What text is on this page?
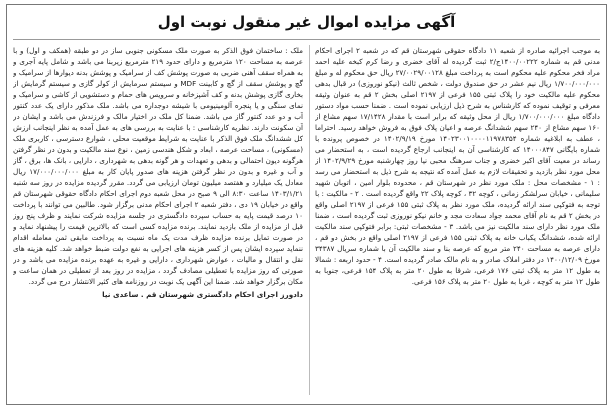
آگهی مزایده اموال غیر منقول نوبت اول
به موجب اجرائیه صادره از شعبه ۱۱ دادگاه حقوقی شهرستان قم که در شعبه ۲ اجرای احکام مدنی قم به شماره ۱۴۰۰/۰۰۲۲۲ج/۲ ثبت گردیده له آقای خضری و رضا کرم کبخه علیه احمد مراد فخر محکوم علیه محکوم است به پرداخت مبلغ ۲۷/۰۰۲۹/۰۰۱۲۸ ریال حق محکوم له و مبلغ ۱/۷۰۰/۰۰۰/۰۰۰ ریال نیم عشر در حق صندوق دولت ، شخص ثالث (نیکو نوروزی) در قبال بدهی محکوم علیه مالکیت خود را پلاک ثبتی ۱۵۵ فرعی از ۲۱۹۷ اصلی بخش ۲ قم به عنوان وثیقه معرفی و توقیف نموده که کارشناس به شرح ذیل ارزیابی نموده است . ضمنا حسب مواد دستور دادگاه مبلغ ۱/۷۰۰/۰۰۰/۰۰۰ ریال از محل وثیقه که برابر است با مقدار ۱۷/۱۴۲۸ سهم مشاع از ۱۶۰ سهم مشاع از ۲۴۰ سهم ششدانگ عرصه و اعیان پلاک فوق به فروش خواهد رسید. احتراما ، عطف به ابلاغیه شماره ۱۴۰۲۳۰۰۱۰۰۰۰۱۱۹۷۸۳۵۴ مورخ ۱۴۰۲/۹/۱۹ در خصوص پرونده با شماره بایگانی ۱۴۰۰۰۸۴۷ که کارشناسی آن به اینجانب ارجاع گردیده است ، به استحضار می رساند در معیت آقای اکبر خضری و جناب سرهنگ محبی نیا روز چهارشنبه مورخ ۱۴۰۲/۹/۲۹ از محل مورد نظر بازدید و تحقیقات لازم به عمل آمده که نتیجه به شرح ذیل به استحضار می رسد : ۱ - مشخصات محل : ملک مورد نظر در شهرستان قم ، محدوده بلوار امین ، اتوبان شهید سلیمانی ، خیابان سرلشکر زمانی ، کوچه ۳۲ ، کوچه پلاک ۲۲ واقع گردیده است . ۲ - مالکیت : با توجه به فتوکپی سند ارائه گردیده، ملک مورد نظر به پلاک ثبتی ۱۵۵ فرعی از ۲۱۹۷ اصلی واقع در بخش ۲ قم به نام آقای محمد جواد سعادت مجد و خانم نیکو نوروزی ثبت گردیده است ، ضمنا ملک مورد نظر دارای سند مالکیت نیز می باشد. ۳ - مشخصات ثبتی: برابر فتوکپی سند مالکیت ارائه شده، ششدانگ یکباب خانه به پلاک ثبتی ۱۵۵ فرعی از ۲۱۹۷ اصلی واقع در بخش دو قم ، دارای عرصه به مساحت ۲۴۰ متر مربع که عرصه بنا و سند مالکیت آن با شماره سریال ۳۴۳۸۷ مورخ ۱۴۰۰/۱۲/۰۹ در دفتر املاک صادر و به نام مالک صادر گردیده است. ۴ - حدود اربعه : شمالا به طول ۱۲ متر به پلاک ثبتی ۱۷۶ فرعی، شرقا به طول ۲۰ متر به پلاک ۱۵۴ فرعی، جنوبا به طول ۱۲ متر به کوچه ، غربا به طول ۲۰ متر به پلاک ۱۵۶ فرعی.
ملک : ساختمان فوق الذکر به صورت ملک مسکونی جنوبی ساز در دو طبقه (همکف و اول) و با عرصه به مساحت ۱۲۰ مترمربع و دارای حدود ۲۱۹ مترمربع زیربنا می باشد و شامل پایه آجری و به همراه سقف آهنی ضربی به صورت پوشش کف از سرامیک و پوشش بدنه دیوارها از سرامیک و گچ و پوشش سقف از گچ و کابینت MDF و سیستم سرمایش از کولر گازی و سیستم گرمایش از بخاری گازی پوشش بدنه و کف آشپزخانه و سرویس های حمام و دستشویی از کاشی و سرامیک و نمای سنگی و یا پنجره آلومینیومی با شیشه دوجداره می باشد. ملک مذکور دارای یک عدد کنتور آب و دو عدد کنتور گاز می باشد. ضمنا کل ملک در اختیار مالک و فرزندش می باشد و ایشان در آن سکونت دارند. نظریه کارشناسی : با عنایت به بررسی های به عمل آمده به نظر اینجانب ارزش کل ششدانگ ملک فوق الذکر با عنایت به شرایط موقعیت محلی ، شوارع دسترسی ، کاربری ملک (مسکونی) ، مساحت عرصه ، ابعاد و شکل هندسی زمین ، نوع سند مالکیت و بدون در نظر گرفتن هرگونه دیون احتمالی و بدهی و تعهدات و هر گونه بدهی به شهرداری ، دارایی ، بانک ها، برق ، گاز و آب و غیره و بدون در نظر گرفتن هزینه های صدور پایان کار به مبلغ ۱۷/۰۰۰/۰۰۰/۰۰۰ ریال معادل یک میلیارد و هفتصد میلیون تومان ارزیابی می گردد. مقرر گردیده مزایده در روز سه شنبه ۱۴۰۳/۱/۲۱ ساعت ۸:۳۰ الی ۹ صبح در محل شعبه دوم اجرای احکام دادگاه حقوقی شهرستان قم واقع در خیابان ۱۹ دی ، دفتر شعبه ۲ اجرای احکام مدنی برگزار شود. طالبین می توانند با پرداخت ۱۰ درصد قیمت پایه به حساب سپرده دادگستری در جلسه مزایده شرکت نمایند و ظرف پنج روز قبل از مزایده از ملک بازدید نمایند. برنده مزایده کسی است که بالاترین قیمت را پیشنهاد نماید و در صورت تمایل برنده مزایده ظرف مدت یک ماه نسبت به پرداخت مابقی ثمن معامله اقدام ننماید سپرده ایشان پس از کسر هزینه های اجرایی به نفع دولت ضبط خواهد شد. کلیه هزینه های نقل و انتقال و مالیات ، عوارض شهرداری ، دارایی و غیره به عهده برنده مزایده می باشد و در صورتی که روز مزایده با تعطیلی مصادف گردد ، مزایده در روز بعد از تعطیلی در همان ساعت و مکان برگزار خواهد شد. ضمنا این آگهی یک نوبت در روزنامه های کثیر الانتشار درج می گردد.
دادورز اجرای احکام دادگستری شهرستان قم . ساعدی نیا
